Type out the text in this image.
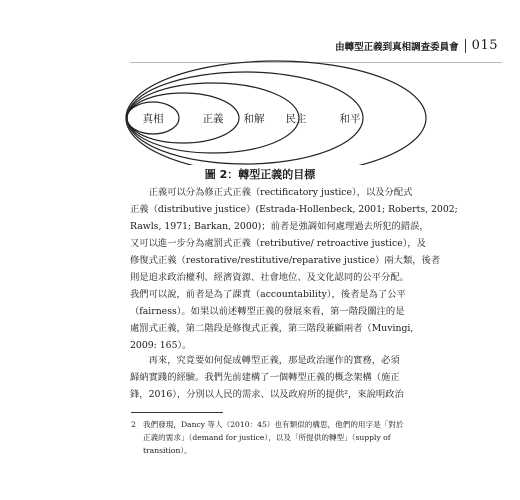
由轉型正義到真相調查委員會 015
真相	正義 和解 民主	和平
圖 2：轉型正義的目標
　　正義可以分為修正式正義（rectificatory justice），以及分配式
正義（distributive justice）(Estrada-Hollenbeck, 2001; Roberts, 2002;
Rawls, 1971; Barkan, 2000)；前者是強調如何處理過去所犯的錯誤，
又可以進一步分為處罰式正義（retributive/ retroactive justice），及
修復式正義（restorative/restitutive/reparative justice）兩大類，後者
則是追求政治權利、經濟資源、社會地位、及文化認同的公平分配。
我們可以說，前者是為了課責（accountability），後者是為了公平
（fairness）。如果以前述轉型正義的發展來看，第一階段關注的是
處罰式正義，第二階段是修復式正義，第三階段兼顧兩者（Muvingi,
2009: 165）。
　　再來，究竟要如何促成轉型正義，那是政治運作的實務，必須
歸納實踐的經驗。我們先前建構了一個轉型正義的概念架構（施正
鋒，2016），分別以人民的需求、以及政府所的提供²，來說明政治
2 我們發現，Dancy 等人（2010：45）也有類似的構思，他們的用字是「對於
正義的需求」（demand for justice），以及「所提供的轉型」（supply of
transition）。
